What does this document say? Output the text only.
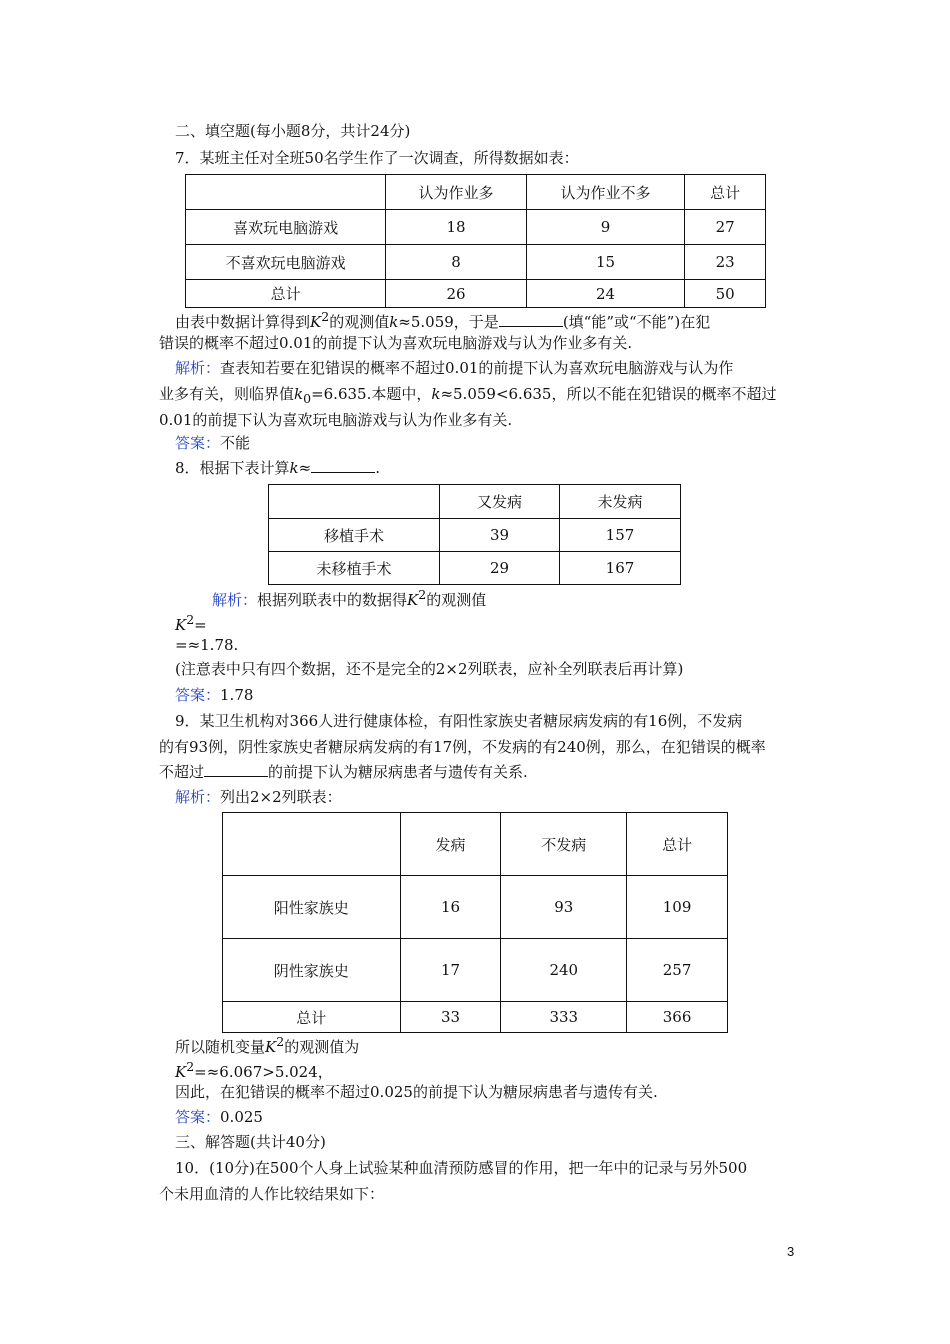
二、填空题(每小题8分，共计24分)
7．某班主任对全班50名学生作了一次调查，所得数据如表：
	认为作业多	认为作业不多	总计
喜欢玩电脑游戏	18	9	27
不喜欢玩电脑游戏	8	15	23
总计	26	24	50
由表中数据计算得到$K^2$的观测值k≈5.059，于是	(填“能”或“不能”)在犯
错误的概率不超过0.01的前提下认为喜欢玩电脑游戏与认为作业多有关.
解析：查表知若要在犯错误的概率不超过0.01的前提下认为喜欢玩电脑游戏与认为作
业多有关，则临界值$k_0=6.635$.本题中，k≈5.059<6.635，所以不能在犯错误的概率不超过
0.01的前提下认为喜欢玩电脑游戏与认为作业多有关.
答案：不能
8．根据下表计算k≈	.
	又发病	未发病
移植手术	39	157
未移植手术	29	167
解析：根据列联表中的数据得$K^2$的观测值
$K^2=$
=≈1.78.
(注意表中只有四个数据，还不是完全的2×2列联表，应补全列联表后再计算)
答案：1.78
9．某卫生机构对366人进行健康体检，有阳性家族史者糖尿病发病的有16例，不发病
的有93例，阴性家族史者糖尿病发病的有17例，不发病的有240例，那么，在犯错误的概率
不超过	的前提下认为糖尿病患者与遗传有关系.
解析：列出2×2列联表：
	发病	不发病	总计
阳性家族史	16	93	109
阴性家族史	17	240	257
总计	33	333	366
所以随机变量$K^2$的观测值为
$K^2=\approx 6.067>5.024$，
因此，在犯错误的概率不超过0.025的前提下认为糖尿病患者与遗传有关.
答案：0.025
三、解答题(共计40分)
10．(10分)在500个人身上试验某种血清预防感冒的作用，把一年中的记录与另外500
个未用血清的人作比较结果如下：
3
